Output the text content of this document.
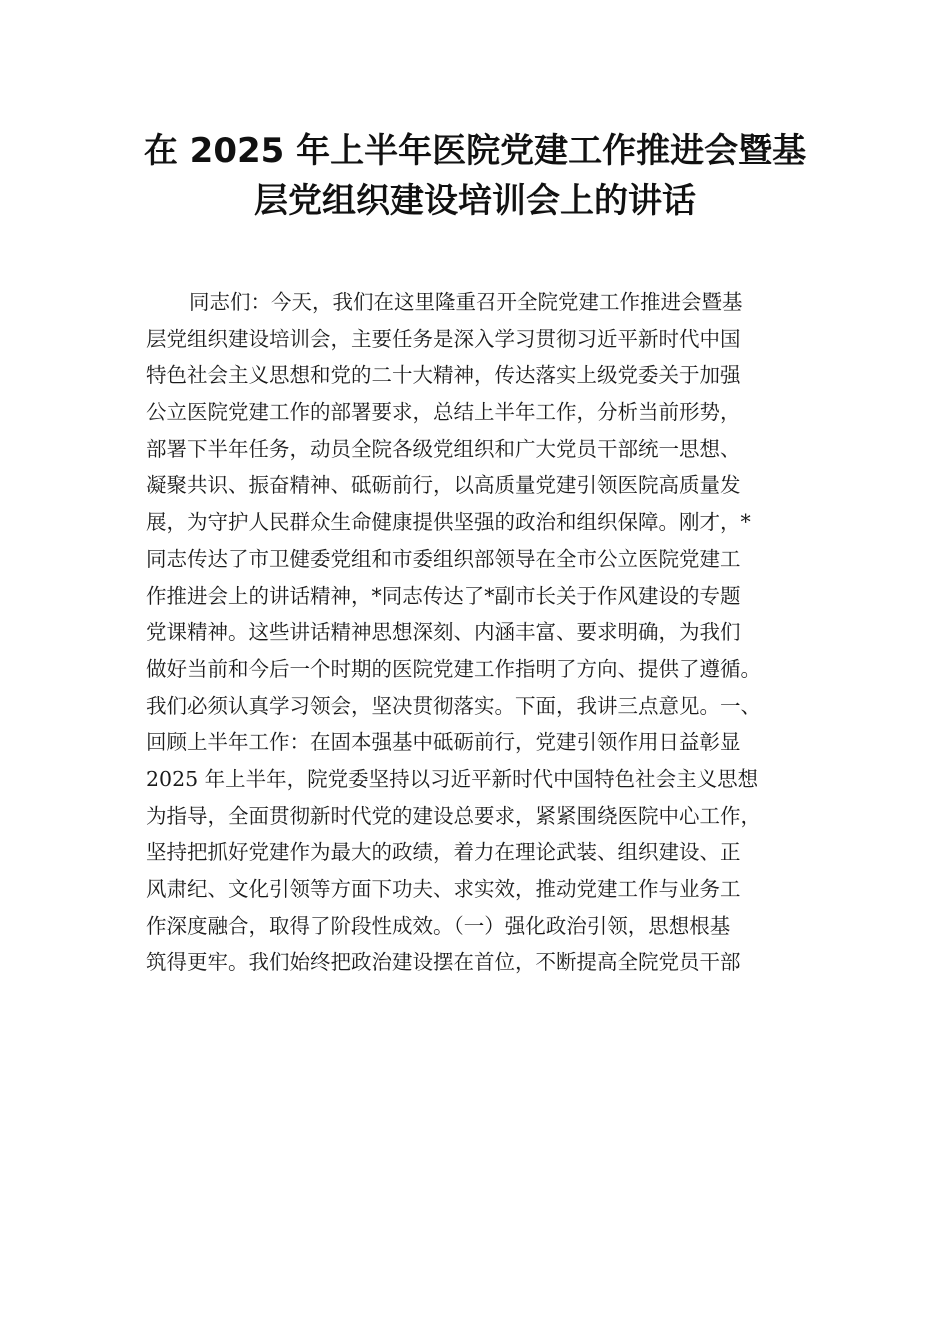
在 2025 年上半年医院党建工作推进会暨基
层党组织建设培训会上的讲话
同志们：今天，我们在这里隆重召开全院党建工作推进会暨基
层党组织建设培训会，主要任务是深入学习贯彻习近平新时代中国
特色社会主义思想和党的二十大精神，传达落实上级党委关于加强
公立医院党建工作的部署要求，总结上半年工作，分析当前形势，
部署下半年任务，动员全院各级党组织和广大党员干部统一思想、
凝聚共识、振奋精神、砥砺前行，以高质量党建引领医院高质量发
展，为守护人民群众生命健康提供坚强的政治和组织保障。刚才，*
同志传达了市卫健委党组和市委组织部领导在全市公立医院党建工
作推进会上的讲话精神，*同志传达了*副市长关于作风建设的专题
党课精神。这些讲话精神思想深刻、内涵丰富、要求明确，为我们
做好当前和今后一个时期的医院党建工作指明了方向、提供了遵循。
我们必须认真学习领会，坚决贯彻落实。下面，我讲三点意见。一、
回顾上半年工作：在固本强基中砥砺前行，党建引领作用日益彰显
2025 年上半年，院党委坚持以习近平新时代中国特色社会主义思想
为指导，全面贯彻新时代党的建设总要求，紧紧围绕医院中心工作，
坚持把抓好党建作为最大的政绩，着力在理论武装、组织建设、正
风肃纪、文化引领等方面下功夫、求实效，推动党建工作与业务工
作深度融合，取得了阶段性成效。（一）强化政治引领，思想根基
筑得更牢。我们始终把政治建设摆在首位，不断提高全院党员干部
